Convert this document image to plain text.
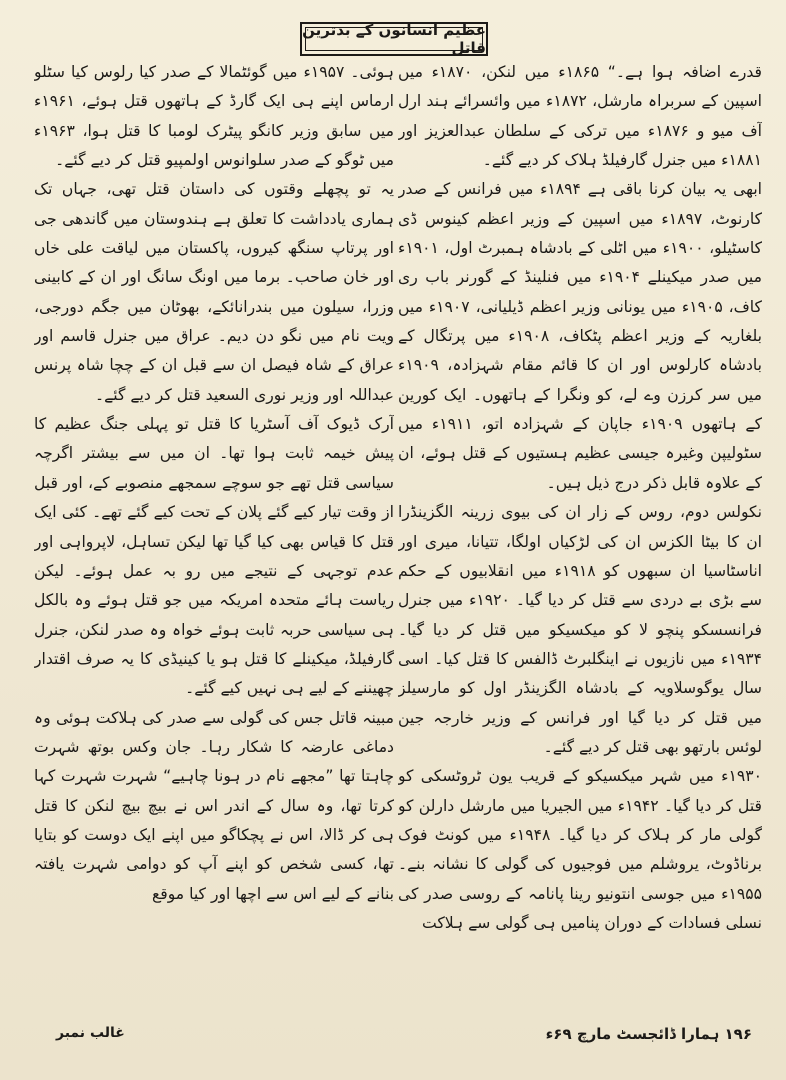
عظیم انسانوں کے بدترین قاتل

قدرے اضافہ ہوا ہے۔“ ۱۸۶۵ء میں لنکن، ۱۸۷۰ء میں اسپین کے سربراہ مارشل، ۱۸۷۲ء میں وائسرائے ہند ارل آف میو و ۱۸۷۶ء میں ترکی کے سلطان عبدالعزیز اور ۱۸۸۱ء میں جنرل گارفیلڈ ہلاک کر دیے گئے۔

ابھی یہ بیان کرنا باقی ہے ۱۸۹۴ء میں فرانس کے صدر کارنوٹ، ۱۸۹۷ء میں اسپین کے وزیر اعظم کینوس ڈی کاسٹیلو، ۱۹۰۰ء میں اٹلی کے بادشاہ ہمبرٹ اول، ۱۹۰۱ء میں صدر میکینلے ۱۹۰۴ء میں فنلینڈ کے گورنر باب ری کاف، ۱۹۰۵ء میں یونانی وزیر اعظم ڈیلیانی، ۱۹۰۷ء میں بلغاریہ کے وزیر اعظم پٹکاف، ۱۹۰۸ء میں پرتگال کے بادشاہ کارلوس اور ان کا قائم مقام شہزادہ، ۱۹۰۹ء میں سر کرزن وے لے، کو ونگرا کے ہاتھوں۔ ایک کورین کے ہاتھوں ۱۹۰۹ء جاپان کے شہزادہ اتو، ۱۹۱۱ء میں سٹولیپن وغیرہ جیسی عظیم ہستیوں کے قتل ہوئے، ان کے علاوہ قابل ذکر درج ذیل ہیں۔

نکولس دوم، روس کے زار ان کی بیوی زرینہ الگزینڈرا ان کا بیٹا الکزس ان کی لڑکیاں اولگا، تتیانا، میری اور اناسٹاسیا ان سبھوں کو ۱۹۱۸ء میں انقلابیوں کے حکم سے بڑی بے دردی سے قتل کر دیا گیا۔ ۱۹۲۰ء میں جنرل فرانسسکو پنچو لا کو میکسیکو میں قتل کر دیا گیا۔ ۱۹۳۴ء میں نازیوں نے اینگلبرٹ ڈالفس کا قتل کیا۔ اسی سال یوگوسلاویہ کے بادشاہ الگزینڈر اول کو مارسیلز میں قتل کر دیا گیا اور فرانس کے وزیر خارجہ جین لوئس بارتھو بھی قتل کر دیے گئے۔

۱۹۳۰ء میں شہر میکسیکو کے قریب یون ٹروٹسکی کو قتل کر دیا گیا۔ ۱۹۴۲ء میں الجیریا میں مارشل دارلن کو گولی مار کر ہلاک کر دیا گیا۔ ۱۹۴۸ء میں کونٹ فوک برناڈوٹ، یروشلم میں فوجیوں کی گولی کا نشانہ بنے۔ ۱۹۵۵ء میں جوسی انتونیو رینا پانامہ کے روسی صدر کی نسلی فسادات کے دوران پنامیں ہی گولی سے ہلاکت

ہوئی۔ ۱۹۵۷ء میں گوئٹمالا کے صدر کیا رلوس کیا سٹلو ارماس اپنے ہی ایک گارڈ کے ہاتھوں قتل ہوئے، ۱۹۶۱ء میں سابق وزیر کانگو پیٹرک لومبا کا قتل ہوا، ۱۹۶۳ء میں ٹوگو کے صدر سلوانوس اولمپیو قتل کر دیے گئے۔

یہ تو پچھلے وقتوں کی داستان قتل تھی، جہاں تک ہماری یادداشت کا تعلق ہے ہندوستان میں گاندھی جی اور پرتاپ سنگھ کیروں، پاکستان میں لیاقت علی خاں اور خان صاحب۔ برما میں اونگ سانگ اور ان کے کابینی وزرا، سیلون میں بندرانائکے، بھوٹان میں جگم دورجی، ویت نام میں نگو دن دیم۔ عراق میں جنرل قاسم اور عراق کے شاہ فیصل ان سے قبل ان کے چچا شاہ پرنس عبداللہ اور وزیر نوری السعید قتل کر دیے گئے۔

آرک ڈیوک آف آسٹریا کا قتل تو پہلی جنگ عظیم کا پیش خیمہ ثابت ہوا تھا۔ ان میں سے بیشتر اگرچہ سیاسی قتل تھے جو سوچے سمجھے منصوبے کے، اور قبل از وقت تیار کیے گئے پلان کے تحت کیے گئے تھے۔ کئی ایک قتل کا قیاس بھی کیا گیا تھا لیکن تساہل، لاپرواہی اور عدم توجہی کے نتیجے میں رو بہ عمل ہوئے۔ لیکن ریاست ہائے متحدہ امریکہ میں جو قتل ہوئے وہ بالکل ہی سیاسی حربہ ثابت ہوئے خواہ وہ صدر لنکن، جنرل گارفیلڈ، میکینلے کا قتل ہو یا کینیڈی کا یہ صرف اقتدار چھیننے کے لیے ہی نہیں کیے گئے۔

مبینہ قاتل جس کی گولی سے صدر کی ہلاکت ہوئی وہ دماغی عارضہ کا شکار رہا۔ جان وکس بوتھ شہرت چاہتا تھا ”مجھے نام در ہونا چاہیے“ شہرت شہرت کہا کرتا تھا، وہ سال کے اندر اس نے بیچ بیچ لنکن کا قتل ہی کر ڈالا، اس نے پچکاگو میں اپنے ایک دوست کو بتایا تھا، کسی شخص کو اپنے آپ کو دوامی شہرت یافتہ بنانے کے لیے اس سے اچھا اور کیا موقع

۱۹۶ ہمارا ڈائجسٹ مارچ ۶۹ء
غالب نمبر
